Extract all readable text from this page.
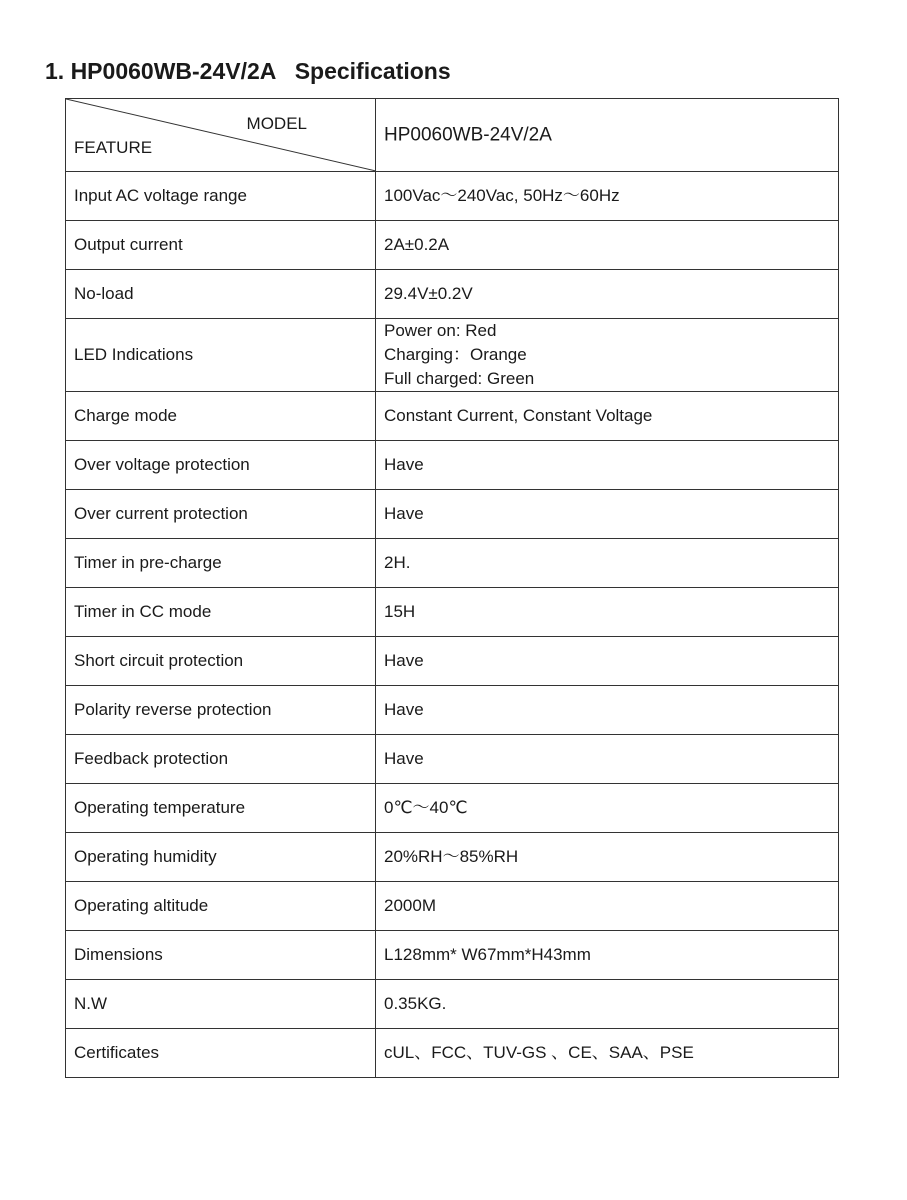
1. HP0060WB-24V/2A   Specifications
MODEL
FEATURE	HP0060WB-24V/2A
Input AC voltage range	100Vac～240Vac, 50Hz～60Hz
Output current	2A±0.2A
No-load	29.4V±0.2V
LED Indications	Power on: Red
Charging：Orange
Full charged: Green

Charge mode	Constant Current, Constant Voltage
Over voltage protection	Have
Over current protection	Have
Timer in pre-charge	2H.
Timer in CC mode	15H
Short circuit protection	Have
Polarity reverse protection	Have
Feedback protection	Have
Operating temperature	0℃～40℃
Operating humidity	20%RH～85%RH
Operating altitude	2000M
Dimensions	L128mm* W67mm*H43mm
N.W	0.35KG.
Certificates	cUL、FCC、TUV-GS 、CE、SAA、PSE
